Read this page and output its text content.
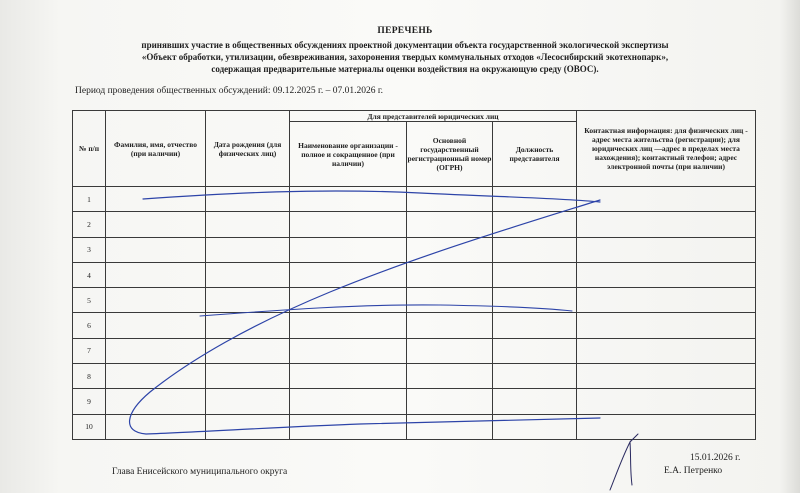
ПЕРЕЧЕНЬ
принявших участие в общественных обсуждениях проектной документации объекта государственной экологической экспертизы
«Объект обработки, утилизации, обезвреживания, захоронения твердых коммунальных отходов «Лесосибирский экотехнопарк»,
содержащая предварительные материалы оценки воздействия на окружающую среду (ОВОС).
Период проведения общественных обсуждений: 09.12.2025 г. – 07.01.2026 г.
№ п/п	Фамилия, имя, отчество (при наличии)	Дата рождения (для физических лиц)	Для представителей юридических лиц			Контактная информация: для физических лиц - адрес места жительства (регистрации); для юридических лиц —адрес в пределах места нахождения); контактный телефон; адрес электронной почты (при наличии)
			Наименование организации - полное и сокращенное (при наличии)	Основной государственный регистрационный номер (ОГРН)	Должность представителя	
1						
2						
3						
4						
5						
6						
7						
8						
9						
10						
15.01.2026 г.
Глава Енисейского муниципального округа	Е.А. Петренко
